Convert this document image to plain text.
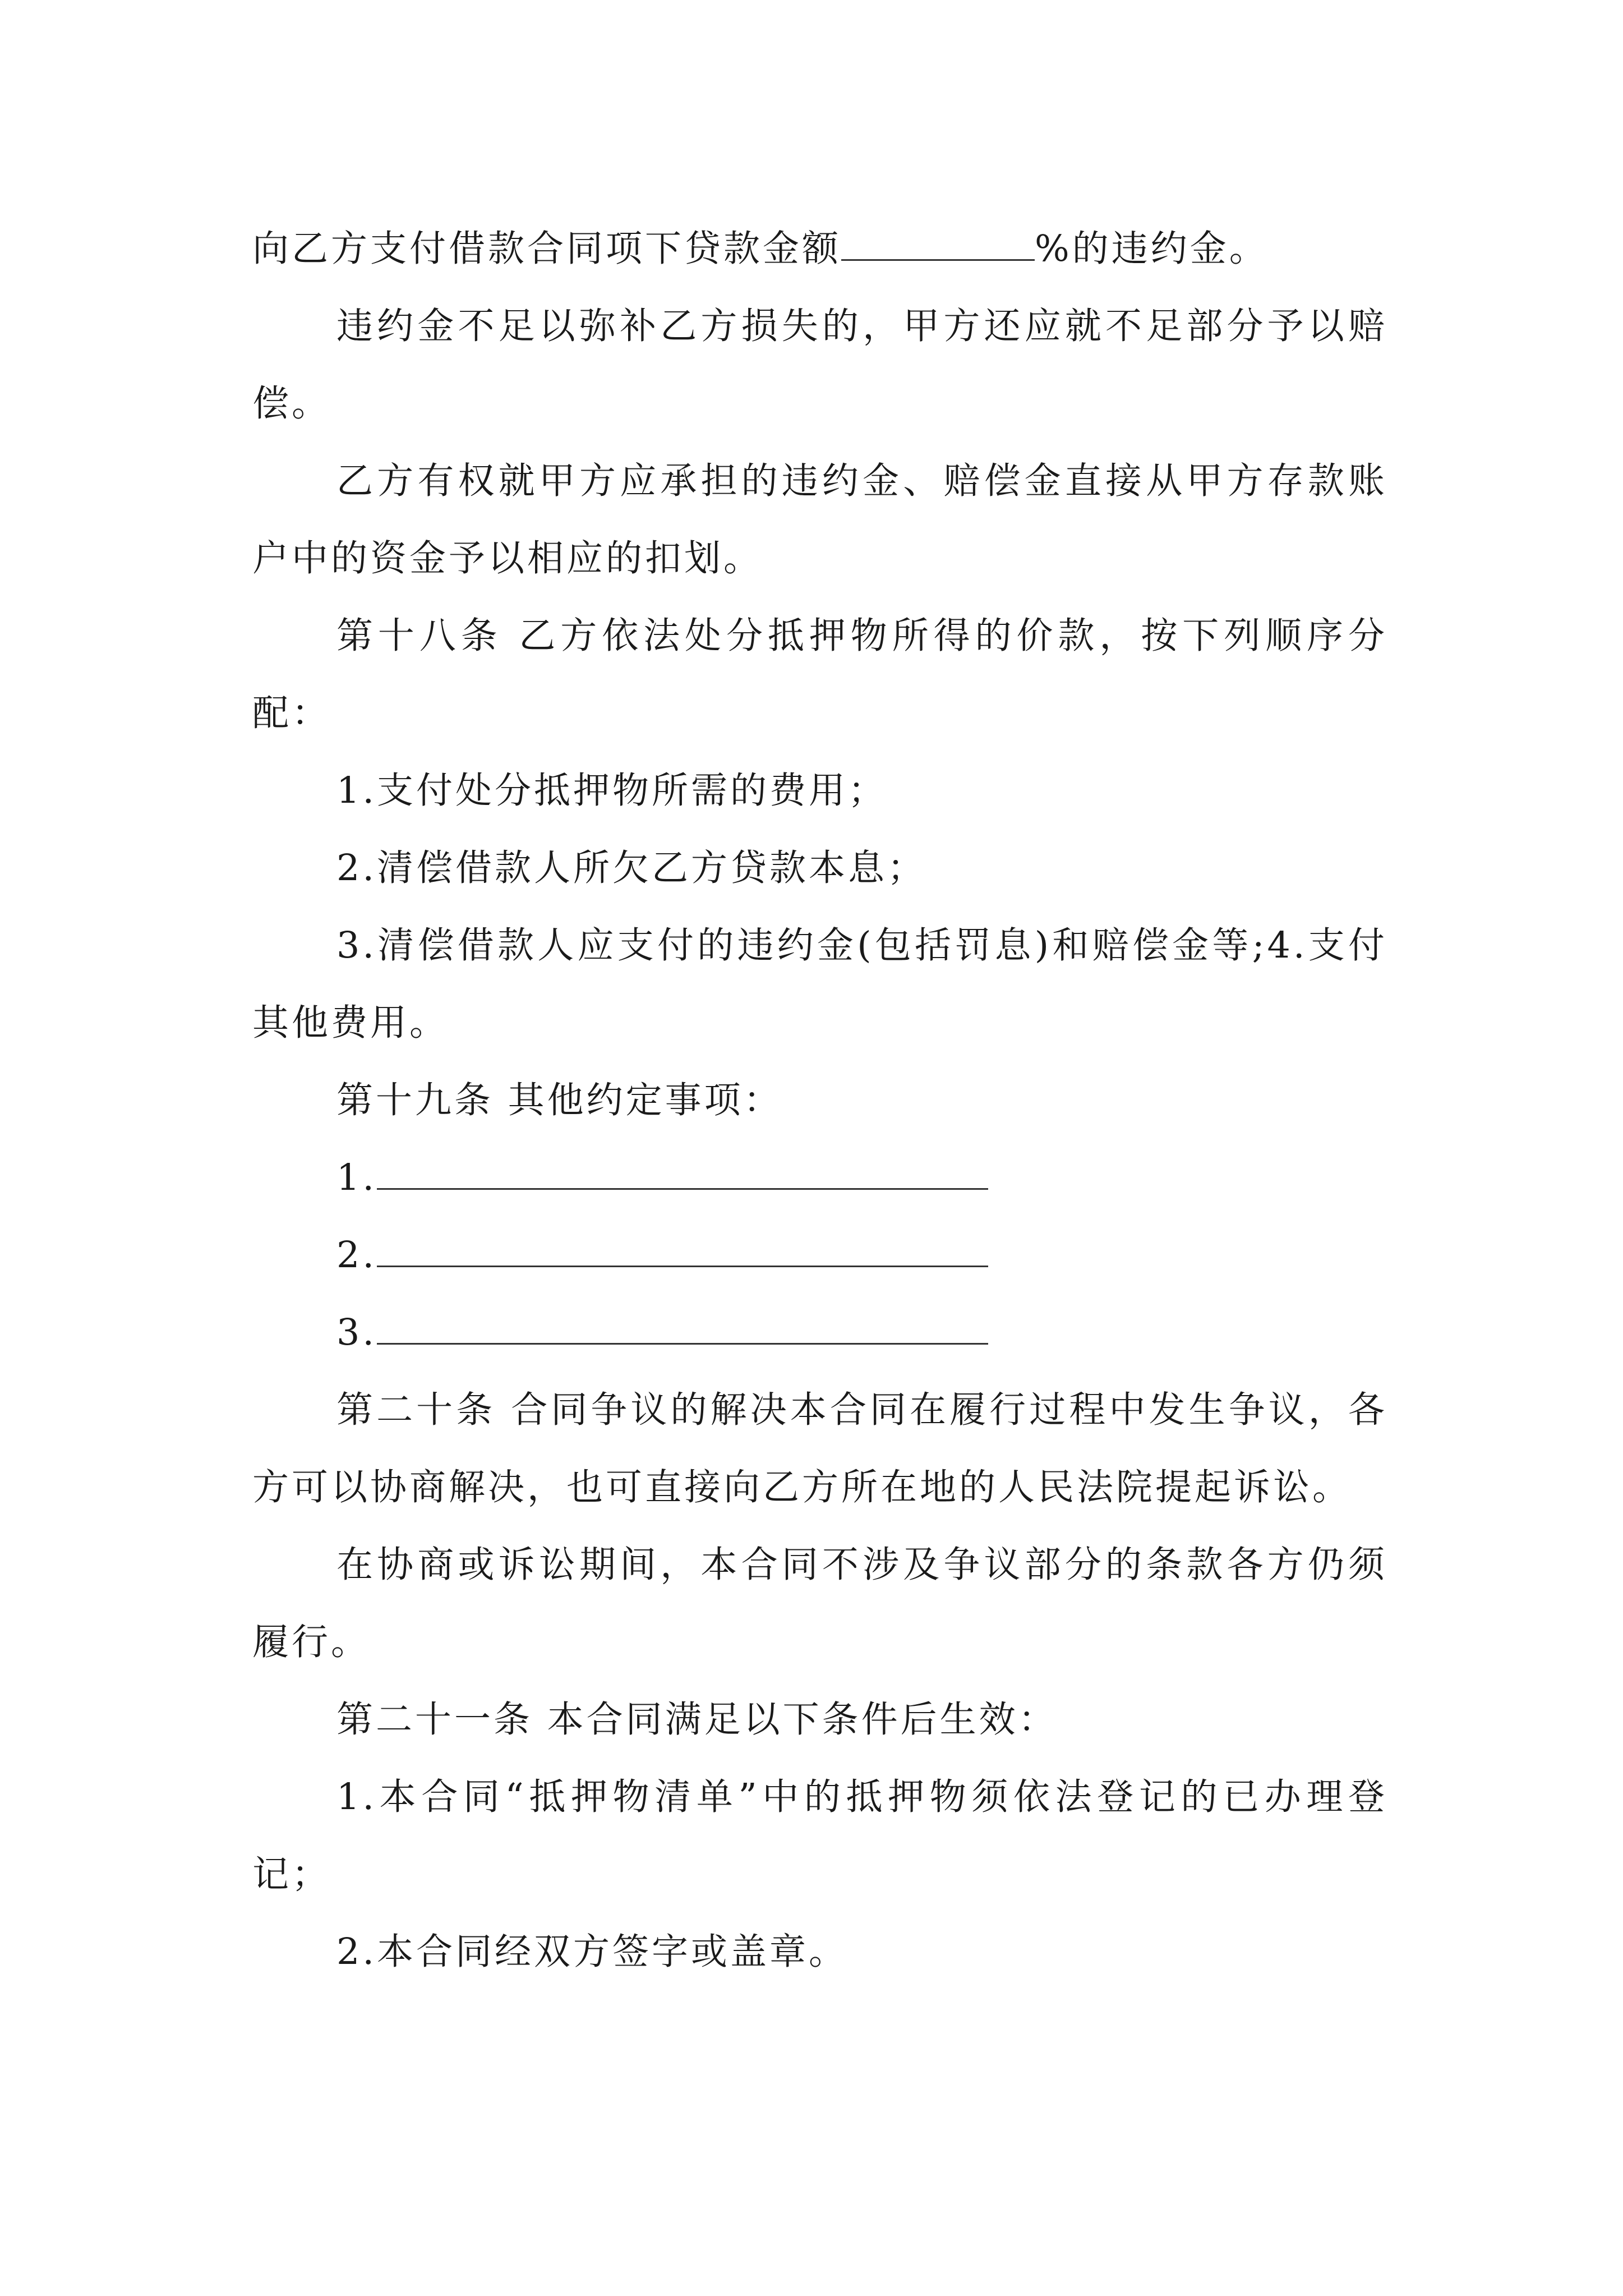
向乙方支付借款合同项下贷款金额	%的违约金。

违约金不足以弥补乙方损失的，甲方还应就不足部分予以赔偿。

乙方有权就甲方应承担的违约金、赔偿金直接从甲方存款账户中的资金予以相应的扣划。

第十八条 乙方依法处分抵押物所得的价款，按下列顺序分配：

1.支付处分抵押物所需的费用；

2.清偿借款人所欠乙方贷款本息；

3.清偿借款人应支付的违约金(包括罚息)和赔偿金等;4.支付其他费用。

第十九条 其他约定事项：

1.

2.

3.

第二十条 合同争议的解决本合同在履行过程中发生争议，各方可以协商解决，也可直接向乙方所在地的人民法院提起诉讼。

在协商或诉讼期间，本合同不涉及争议部分的条款各方仍须履行。

第二十一条 本合同满足以下条件后生效：

1.本合同“抵押物清单”中的抵押物须依法登记的已办理登记；

2.本合同经双方签字或盖章。
